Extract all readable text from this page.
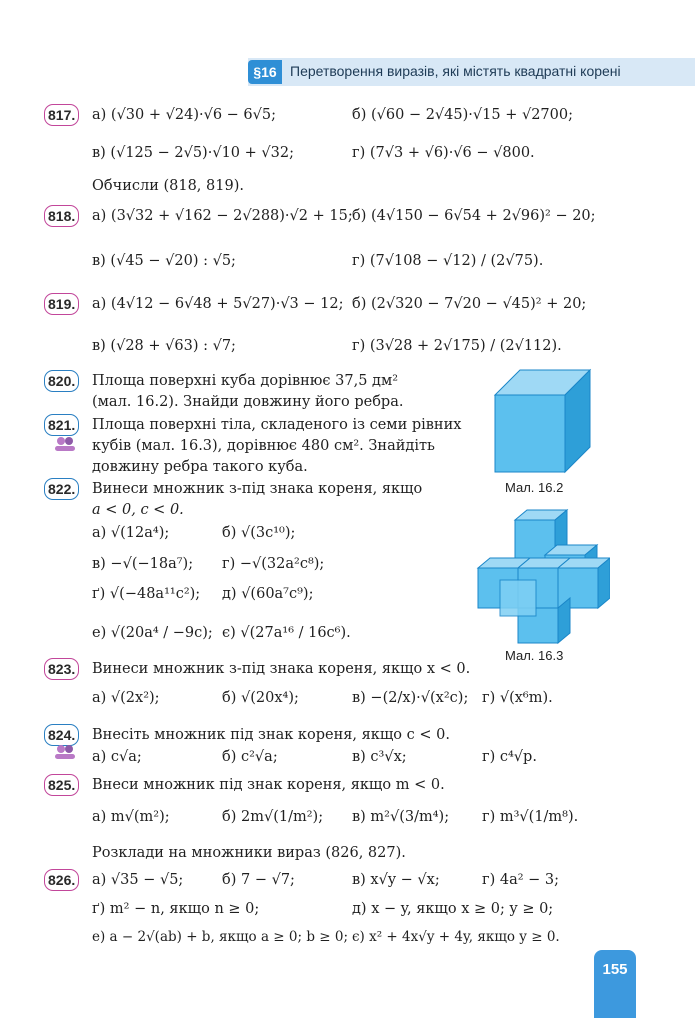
§16 Перетворення виразів, які містять квадратні корені
817. а) (√30 + √24)·√6 − 6√5;	б) (√60 − 2√45)·√15 + √2700;
в) (√125 − 2√5)·√10 + √32;	г) (7√3 + √6)·√6 − √800.
Обчисли (818, 819).
818. а) (3√32 + √162 − 2√288)·√2 + 15; б) (4√150 − 6√54 + 2√96)² − 20;
в) (√45 − √20) : √5;	г) (7√108 − √12) / (2√75).
819. а) (4√12 − 6√48 + 5√27)·√3 − 12; б) (2√320 − 7√20 − √45)² + 20;
в) (√28 + √63) : √7;	г) (3√28 + 2√175) / (2√112).
820. Площа поверхні куба дорівнює 37,5 дм²
(мал. 16.2). Знайди довжину його ребра.
821. Площа поверхні тіла, складеного із семи рівних
кубів (мал. 16.3), дорівнює 480 см². Знайдіть
довжину ребра такого куба.
822. Винеси множник з-під знака кореня, якщо
a < 0, c < 0.
а) √(12a⁴);	б) √(3c¹⁰);
в) −√(−18a⁷); г) −√(32a²c⁸);
ґ) √(−48a¹¹c²); д) √(60a⁷c⁹);
е) √(20a⁴ / −9c); є) √(27a¹⁶ / 16c⁶).
Мал. 16.2
Мал. 16.3
823. Винеси множник з-під знака кореня, якщо x < 0.
а) √(2x²);	б) √(20x⁴);	в) −(2/x)·√(x²c); г) √(x⁶m).
824. Внесіть множник під знак кореня, якщо c < 0.
а) c√a;	б) c²√a;	в) c³√x;	г) c⁴√p.
825. Внеси множник під знак кореня, якщо m < 0.
а) m√(m²);	б) 2m√(1/m²); в) m²√(3/m⁴); г) m³√(1/m⁸).
Розклади на множники вираз (826, 827).
826. а) √35 − √5;	б) 7 − √7;	в) x√y − √x;	г) 4a² − 3;
ґ) m² − n, якщо n ≥ 0;	д) x − y, якщо x ≥ 0; y ≥ 0;
е) a − 2√(ab) + b, якщо a ≥ 0; b ≥ 0; є) x² + 4x√y + 4y, якщо y ≥ 0.
155
